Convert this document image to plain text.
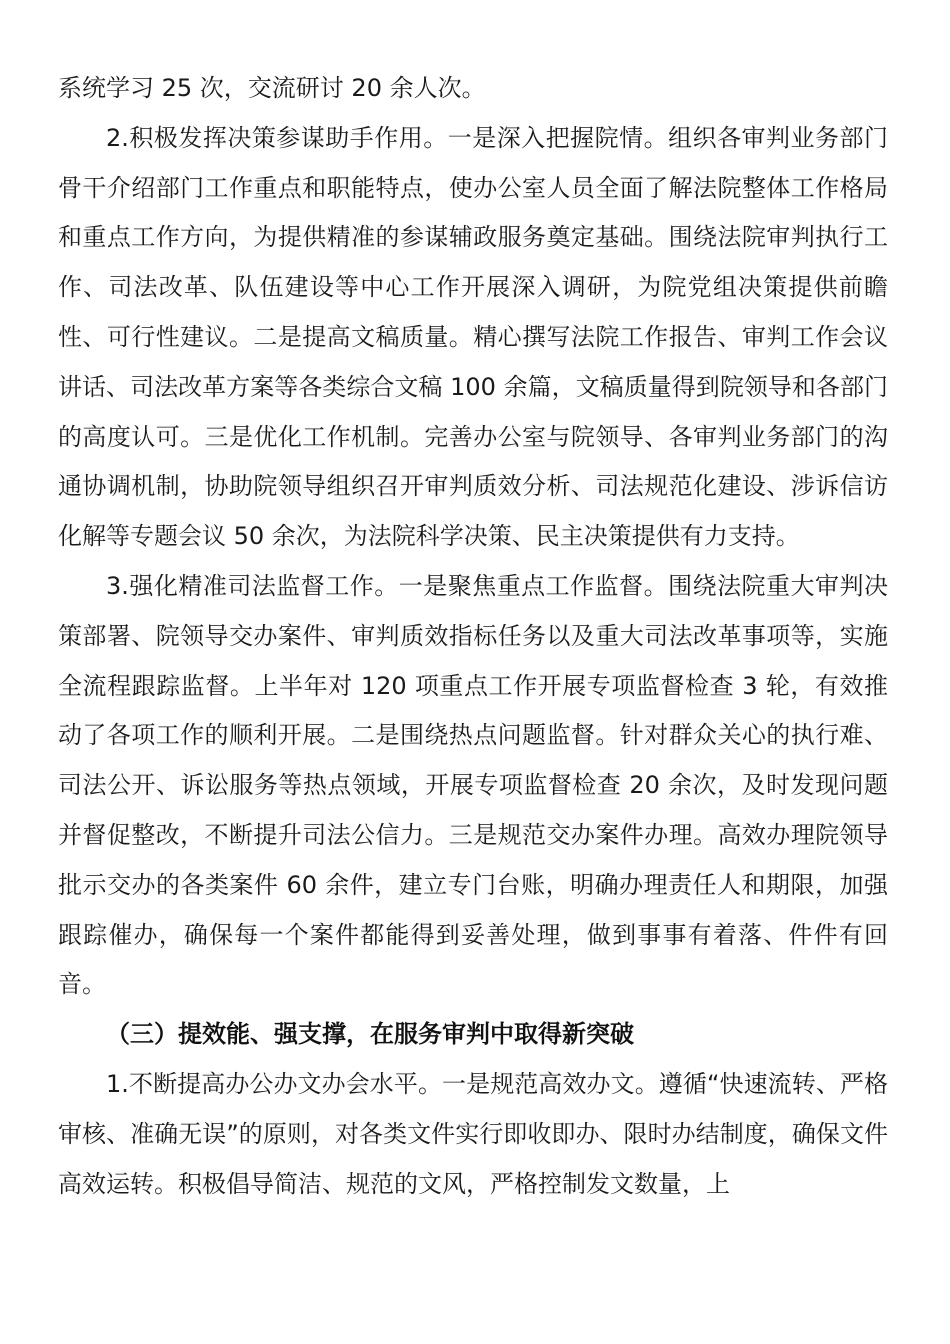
系统学习 25 次，交流研讨 20 余人次。

2.积极发挥决策参谋助手作用。一是深入把握院情。组织各审判业务部门骨干介绍部门工作重点和职能特点，使办公室人员全面了解法院整体工作格局和重点工作方向，为提供精准的参谋辅政服务奠定基础。围绕法院审判执行工作、司法改革、队伍建设等中心工作开展深入调研，为院党组决策提供前瞻性、可行性建议。二是提高文稿质量。精心撰写法院工作报告、审判工作会议讲话、司法改革方案等各类综合文稿 100 余篇，文稿质量得到院领导和各部门的高度认可。三是优化工作机制。完善办公室与院领导、各审判业务部门的沟通协调机制，协助院领导组织召开审判质效分析、司法规范化建设、涉诉信访化解等专题会议 50 余次，为法院科学决策、民主决策提供有力支持。

3.强化精准司法监督工作。一是聚焦重点工作监督。围绕法院重大审判决策部署、院领导交办案件、审判质效指标任务以及重大司法改革事项等，实施全流程跟踪监督。上半年对 120 项重点工作开展专项监督检查 3 轮，有效推动了各项工作的顺利开展。二是围绕热点问题监督。针对群众关心的执行难、司法公开、诉讼服务等热点领域，开展专项监督检查 20 余次，及时发现问题并督促整改，不断提升司法公信力。三是规范交办案件办理。高效办理院领导批示交办的各类案件 60 余件，建立专门台账，明确办理责任人和期限，加强跟踪催办，确保每一个案件都能得到妥善处理，做到事事有着落、件件有回音。

（三）提效能、强支撑，在服务审判中取得新突破

1.不断提高办公办文办会水平。一是规范高效办文。遵循“快速流转、严格审核、准确无误”的原则，对各类文件实行即收即办、限时办结制度，确保文件高效运转。积极倡导简洁、规范的文风，严格控制发文数量，上
